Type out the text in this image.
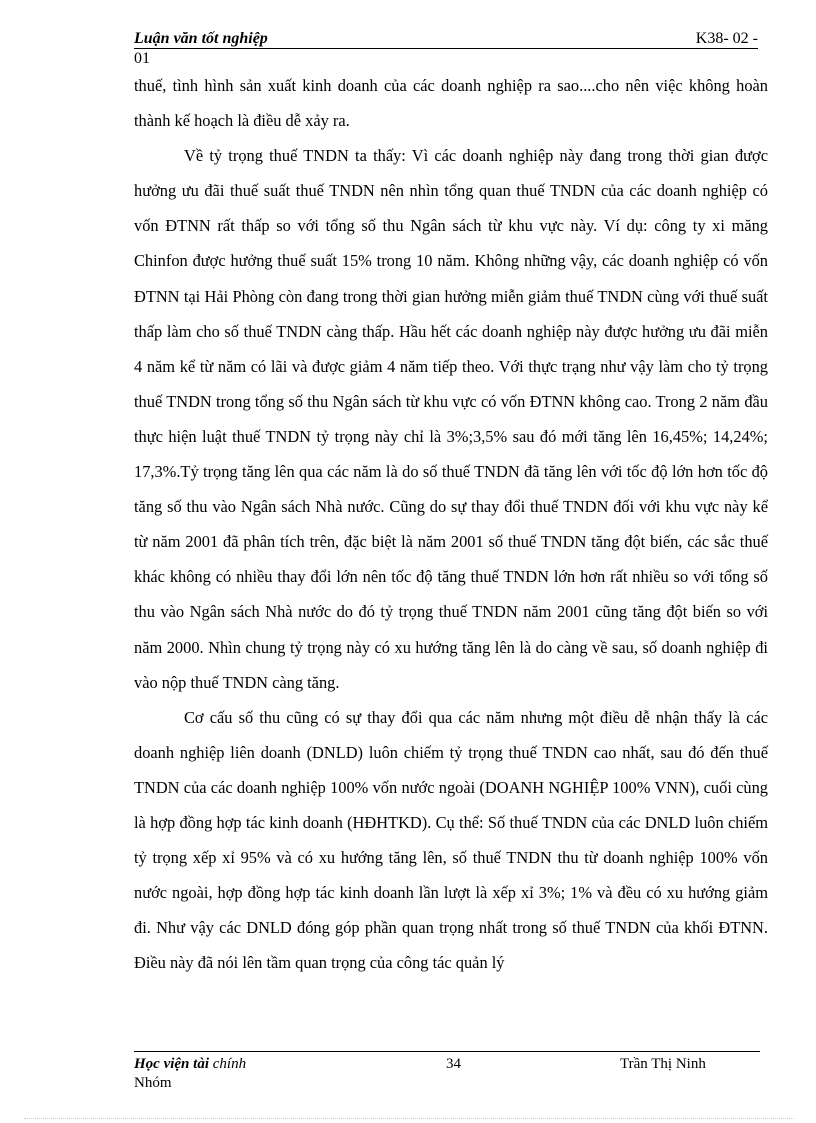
Luận văn tốt nghiệp	K38- 02 -
01

thuế, tình hình sản xuất kinh doanh của các doanh nghiệp ra sao....cho nên việc không hoàn thành kế hoạch là điều dễ xảy ra.

Về tỷ trọng thuế TNDN ta thấy: Vì các doanh nghiệp này đang trong thời gian được hưởng ưu đãi thuế suất thuế TNDN nên nhìn tổng quan thuế TNDN của các doanh nghiệp có vốn ĐTNN rất thấp so với tổng số thu Ngân sách từ khu vực này. Ví dụ: công ty xi măng Chinfon được hưởng thuế suất 15% trong 10 năm. Không những vậy, các doanh nghiệp có vốn ĐTNN tại Hải Phòng còn đang trong thời gian hưởng miễn giảm thuế TNDN cùng với thuế suất thấp làm cho số thuế TNDN càng thấp. Hầu hết các doanh nghiệp này được hưởng ưu đãi miễn 4 năm kể từ năm có lãi và được giảm 4 năm tiếp theo. Với thực trạng như vậy làm cho tỷ trọng thuế TNDN trong tổng số thu Ngân sách từ khu vực có vốn ĐTNN không cao. Trong 2 năm đầu thực hiện luật thuế TNDN tỷ trọng này chỉ là 3%;3,5% sau đó mới tăng lên 16,45%; 14,24%; 17,3%.Tỷ trọng tăng lên qua các năm là do số thuế TNDN đã tăng lên với tốc độ lớn hơn tốc độ tăng số thu vào Ngân sách Nhà nước. Cũng do sự thay đổi thuế TNDN đối với khu vực này kể từ năm 2001 đã phân tích trên, đặc biệt là năm 2001 số thuế TNDN tăng đột biến, các sắc thuế khác không có nhiều thay đổi lớn nên tốc độ tăng thuế TNDN lớn hơn rất nhiều so với tổng số thu vào Ngân sách Nhà nước do đó tỷ trọng thuế TNDN năm 2001 cũng tăng đột biến so với năm 2000. Nhìn chung tỷ trọng này có xu hướng tăng lên là do càng về sau, số doanh nghiệp đi vào nộp thuế TNDN càng tăng.

Cơ cấu số thu cũng có sự thay đổi qua các năm nhưng một điều dễ nhận thấy là các doanh nghiệp liên doanh (DNLD) luôn chiếm tỷ trọng thuế TNDN cao nhất, sau đó đến thuế TNDN của các doanh nghiệp 100% vốn nước ngoài (DOANH NGHIỆP 100% VNN), cuối cùng là hợp đồng hợp tác kinh doanh (HĐHTKD). Cụ thể: Số thuế TNDN của các DNLD luôn chiếm tỷ trọng xếp xỉ 95% và có xu hướng tăng lên, số thuế TNDN thu từ doanh nghiệp 100% vốn nước ngoài, hợp đồng hợp tác kinh doanh lần lượt là xếp xỉ 3%; 1% và đều có xu hướng giảm đi. Như vậy các DNLD đóng góp phần quan trọng nhất trong số thuế TNDN của khối ĐTNN. Điều này đã nói lên tầm quan trọng của công tác quản lý

Học viện tài chính	34	Trần Thị Ninh
Nhóm
